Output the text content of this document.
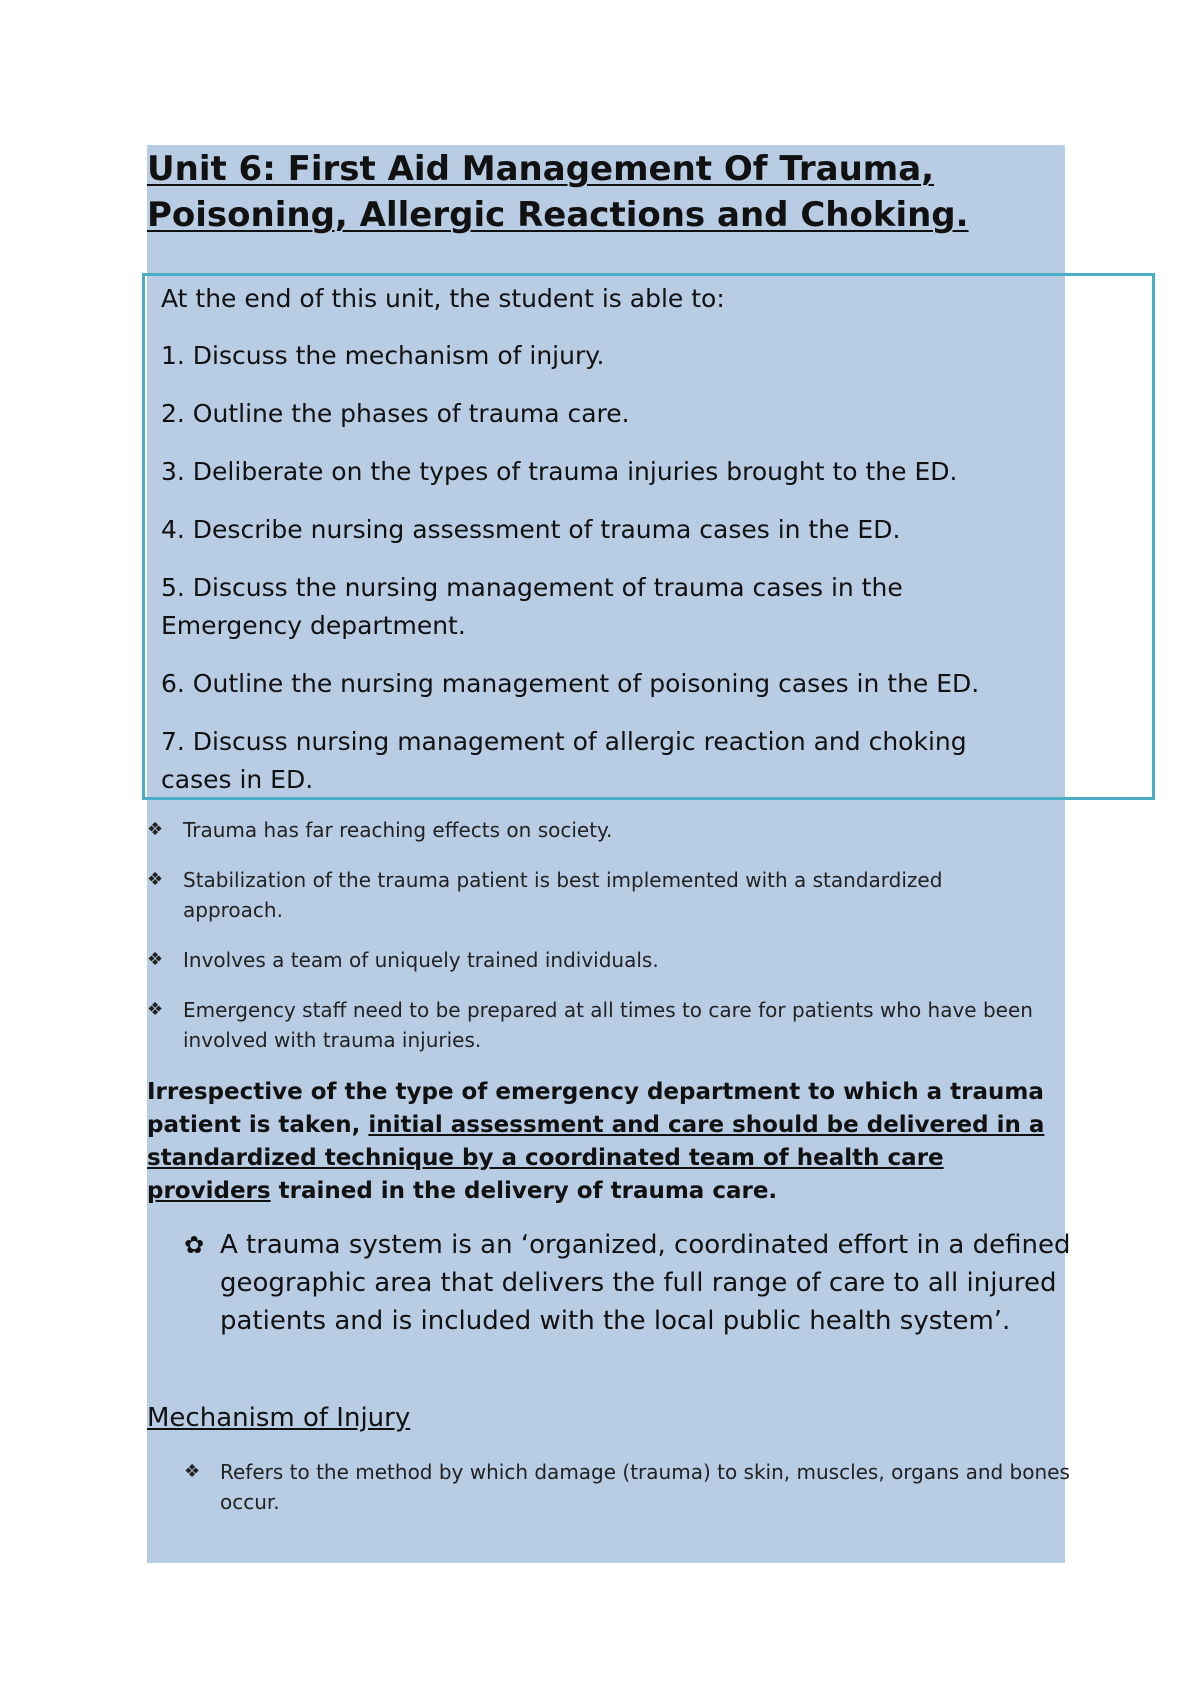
Unit 6: First Aid Management Of Trauma,
Poisoning, Allergic Reactions and Choking.
At the end of this unit, the student is able to:
1. Discuss the mechanism of injury.
2. Outline the phases of trauma care.
3. Deliberate on the types of trauma injuries brought to the ED.
4. Describe nursing assessment of trauma cases in the ED.
5. Discuss the nursing management of trauma cases in the
Emergency department.
6. Outline the nursing management of poisoning cases in the ED.
7. Discuss nursing management of allergic reaction and choking
cases in ED.
❖ Trauma has far reaching effects on society.
❖ Stabilization of the trauma patient is best implemented with a standardized approach.
❖ Involves a team of uniquely trained individuals.
❖ Emergency staff need to be prepared at all times to care for patients who have been involved with trauma injuries.

Irrespective of the type of emergency department to which a trauma patient is taken, initial assessment and care should be delivered in a standardized technique by a coordinated team of health care providers trained in the delivery of trauma care.

✿ A trauma system is an ‘organized, coordinated effort in a defined geographic area that delivers the full range of care to all injured patients and is included with the local public health system’.
Mechanism of Injury
❖ Refers to the method by which damage (trauma) to skin, muscles, organs and bones occur.
